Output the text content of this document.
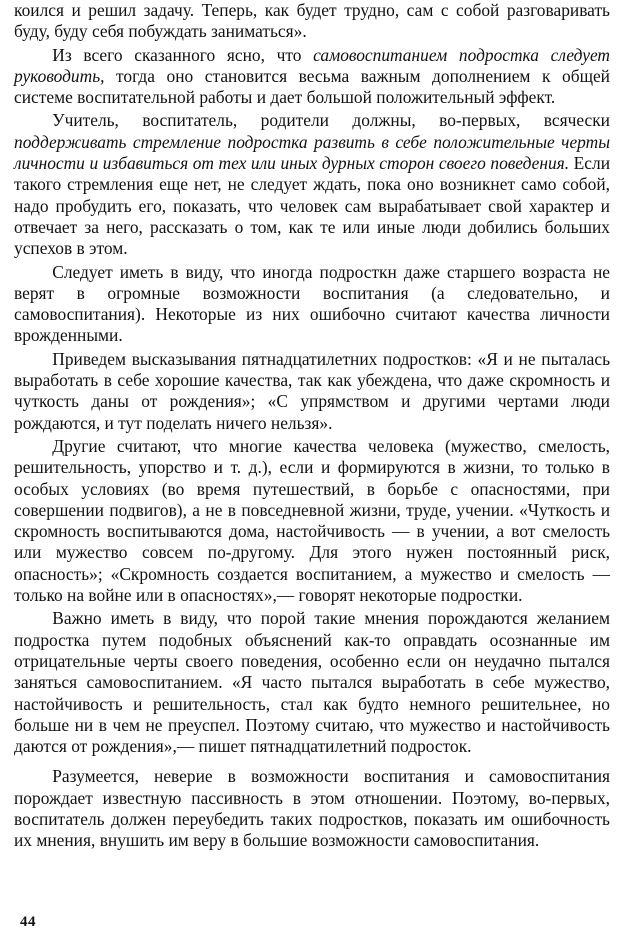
коился и решил задачу. Теперь, как будет трудно, сам с собой разговаривать буду, буду себя побуждать заниматься».

Из всего сказанного ясно, что самовоспитанием подростка следует руководить, тогда оно становится весьма важным дополнением к общей системе воспитательной работы и дает большой положительный эффект.

Учитель, воспитатель, родители должны, во-первых, всячески поддерживать стремление подростка развить в себе положительные черты личности и избавиться от тех или иных дурных сторон своего поведения. Если такого стремления еще нет, не следует ждать, пока оно возникнет само собой, надо пробудить его, показать, что человек сам вырабатывает свой характер и отвечает за него, рассказать о том, как те или иные люди добились больших успехов в этом.

Следует иметь в виду, что иногда подросткн даже старшего возраста не верят в огромные возможности воспитания (а следовательно, и самовоспитания). Некоторые из них ошибочно считают качества личности врожденными.

Приведем высказывания пятнадцатилетних подростков: «Я и не пыталась выработать в себе хорошие качества, так как убеждена, что даже скромность и чуткость даны от рождения»; «С упрямством и другими чертами люди рождаются, и тут поделать ничего нельзя».

Другие считают, что многие качества человека (мужество, смелость, решительность, упорство и т. д.), если и формируются в жизни, то только в особых условиях (во время путешествий, в борьбе с опасностями, при совершении подвигов), а не в повседневной жизни, труде, учении. «Чуткость и скромность воспитываются дома, настойчивость — в учении, а вот смелость или мужество совсем по-другому. Для этого нужен постоянный риск, опасность»; «Скромность создается воспитанием, а мужество и смелость — только на войне или в опасностях»,— говорят некоторые подростки.

Важно иметь в виду, что порой такие мнения порождаются желанием подростка путем подобных объяснений как-то оправдать осознанные им отрицательные черты своего поведения, особенно если он неудачно пытался заняться самовоспитанием. «Я часто пытался выработать в себе мужество, настойчивость и решительность, стал как будто немного решительнее, но больше ни в чем не преуспел. Поэтому считаю, что мужество и настойчивость даются от рождения»,— пишет пятнадцатилетний подросток.

Разумеется, неверие в возможности воспитания и самовоспитания порождает известную пассивность в этом отношении. Поэтому, во-первых, воспитатель должен переубедить таких подростков, показать им ошибочность их мнения, внушить им веру в большие возможности самовоспитания.

44
